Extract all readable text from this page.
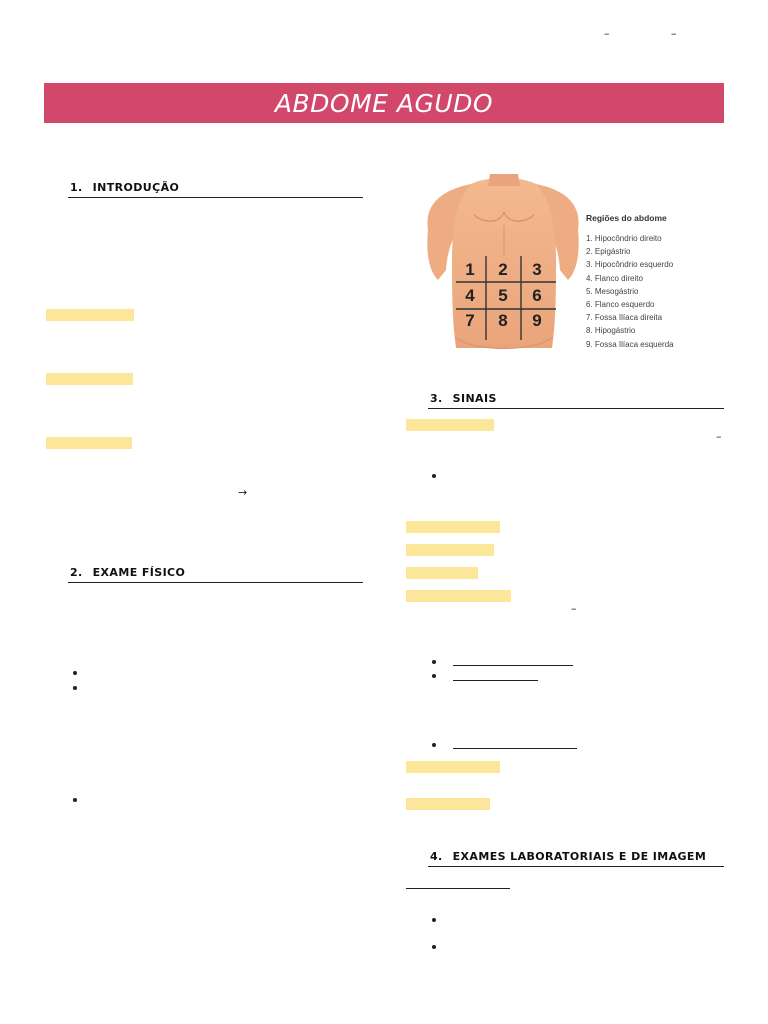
–	–
ABDOME AGUDO
1. INTRODUÇÃO
→
2. EXAME FÍSICO
1	2	3
4	5	6
7	8	9
Regiões do abdome
1. Hipocôndrio direito
2. Epigástrio
3. Hipocôndrio esquerdo
4. Flanco direito
5. Mesogástrio
6. Flanco esquerdo
7. Fossa Ilíaca direita
8. Hipogástrio
9. Fossa Ilíaca esquerda
3. SINAIS
–
–
4. EXAMES LABORATORIAIS E DE IMAGEM
